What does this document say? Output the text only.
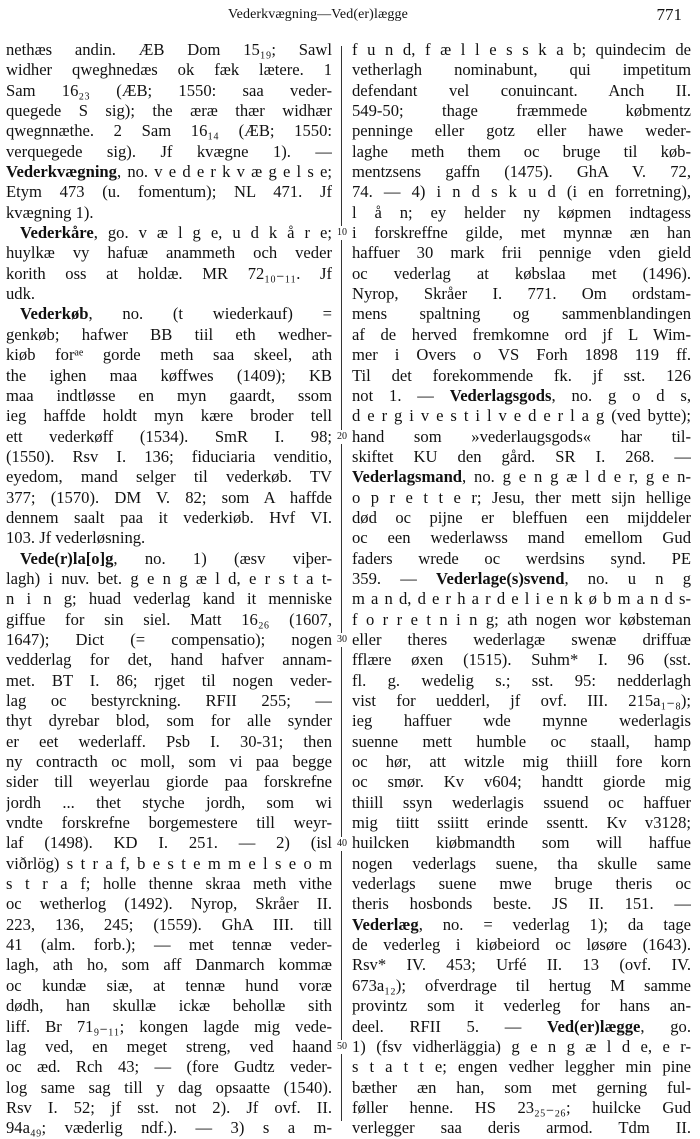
Vederkvægning—Ved(er)lægge	771
nethæs andin. ÆB Dom 15₁₉; Sawl
widher qweghnedæs ok fæk lætere. 1
Sam 16₂₃ (ÆB; 1550: saa veder-
quegede S sig); the æræ thær widhær
qwegnnæthe. 2 Sam 16₁₄ (ÆB; 1550:
verquegede sig). Jf kvægne 1). —
Vederkvægning, no. v e d e r k v æ g e l s e;
Etym 473 (u. fomentum); NL 471. Jf
kvægning 1).
Vederkåre, go. v æ l g e, u d k å r e;
huylkæ vy hafuæ anammeth och veder
korith oss at holdæ. MR 72₁₀₋₁₁. Jf
udk.
Vederkøb, no. (t wiederkauf) =
genkøb; hafwer BB tiil eth wedher-
kiøb forᵃᵉ gorde meth saa skeel, ath
the ighen maa køffwes (1409); KB
maa indtløsse en myn gaardt, ssom
ieg haffde holdt myn kære broder tell
ett vederkøff (1534). SmR I. 98;
(1550). Rsv I. 136; fiduciaria venditio,
eyedom, mand selger til vederkøb. TV
377; (1570). DM V. 82; som A haffde
dennem saalt paa it vederkiøb. Hvf VI.
103. Jf vederløsning.
Vede(r)la[o]g, no. 1) (æsv viþer-
lagh) i nuv. bet. g e n g æ l d, e r s t a t-
n i n g; huad vederlag kand it menniske
giffue for sin siel. Matt 16₂₆ (1607,
1647); Dict (= compensatio); nogen
vedderlag for det, hand hafver annam-
met. BT I. 86; rjget til nogen veder-
lag oc bestyrckning. RFII 255; —
thyt dyrebar blod, som for alle synder
er eet wederlaff. Psb I. 30-31; then
ny contracth oc moll, som vi paa begge
sider till weyerlau giorde paa forskrefne
jordh ... thet styche jordh, som wi
vndte forskrefne borgemestere till weyr-
laf (1498). KD I. 251. — 2) (isl
viðrlög) s t r a f, b e s t e m m e l s e o m
s t r a f; holle thenne skraa meth vithe
oc wetherlog (1492). Nyrop, Skråer II.
223, 136, 245; (1559). GhA III. till
41 (alm. forb.); — met tennæ veder-
lagh, ath ho, som aff Danmarch kommæ
oc kundæ siæ, at tennæ hund voræ
dødh, han skullæ ickæ behollæ sith
liff. Br 71₉₋₁₁; kongen lagde mig vede-
lag ved, en meget streng, ved haand
oc æd. Rch 43; — (fore Gudtz veder-
log same sag till y dag opsaatte (1540).
Rsv I. 52; jf sst. not 2). Jf ovf. II.
94a₄₉; væderlig ndf.). — 3) s a m-
f u n d, f æ l l e s s k a b; quindecim de
vetherlagh nominabunt, qui impetitum
defendant vel conuincant. Anch II.
549-50; thage fræmmede købmentz
penninge eller gotz eller hawe weder-
laghe meth them oc bruge til køb-
mentzsens gaffn (1475). GhA V. 72,
74. — 4) i n d s k u d (i en forretning),
l å n; ey helder ny køpmen indtagess
i forskreffne gilde, met mynnæ æn han
haffuer 30 mark frii pennige vden gield
oc vederlag at købslaa met (1496).
Nyrop, Skråer I. 771. Om ordstam-
mens spaltning og sammenblandingen
af de herved fremkomne ord jf L Wim-
mer i Overs o VS Forh 1898 119 ff.
Til det forekommende fk. jf sst. 126
not 1. — Vederlagsgods, no. g o d s,
d e r g i v e s t i l v e d e r l a g (ved bytte);
hand som »vederlaugsgods« har til-
skiftet KU den gård. SR I. 268. —
Vederlagsmand, no. g e n g æ l d e r, g e n-
o p r e t t e r; Jesu, ther mett sijn hellige
død oc pijne er bleffuen een mijddeler
oc een wederlawss mand emellom Gud
faders wrede oc werdsins synd. PE
359. — Vederlage(s)svend, no. u n g
m a n d, d e r h a r d e l i e n k ø b m a n d s-
f o r r e t n i n g; ath nogen wor købsteman
eller theres wederlagæ swenæ driffuæ
fflære øxen (1515). Suhm* I. 96 (sst.
fl. g. wedelig s.; sst. 95: nedderlagh
vist for uedderl, jf ovf. III. 215a₁₋₈);
ieg haffuer wde mynne wederlagis
suenne mett humble oc staall, hamp
oc hør, att witzle mig thiill fore korn
oc smør. Kv v604; handtt giorde mig
thiill ssyn wederlagis ssuend oc haffuer
mig tiitt ssiitt erinde ssentt. Kv v3128;
huilcken kiøbmandth som will haffue
nogen vederlags suene, tha skulle same
vederlags suene mwe bruge theris oc
theris hosbonds beste. JS II. 151. —
Vederlæg, no. = vederlag 1); da tage
de vederleg i kiøbeiord oc løsøre (1643).
Rsv* IV. 453; Urfé II. 13 (ovf. IV.
673a₁₂); ofverdrage til hertug M samme
provintz som it vederleg for hans an-
deel. RFII 5. — Ved(er)lægge, go.
1) (fsv vidherläggia) g e n g æ l d e, e r-
s t a t t e; engen vedher leggher min pine
bæther æn han, som met gerning ful-
føller henne. HS 23₂₅₋₂₆; huilcke Gud
verlegger saa deris armod. Tdm II.
10
20
30
40
50
